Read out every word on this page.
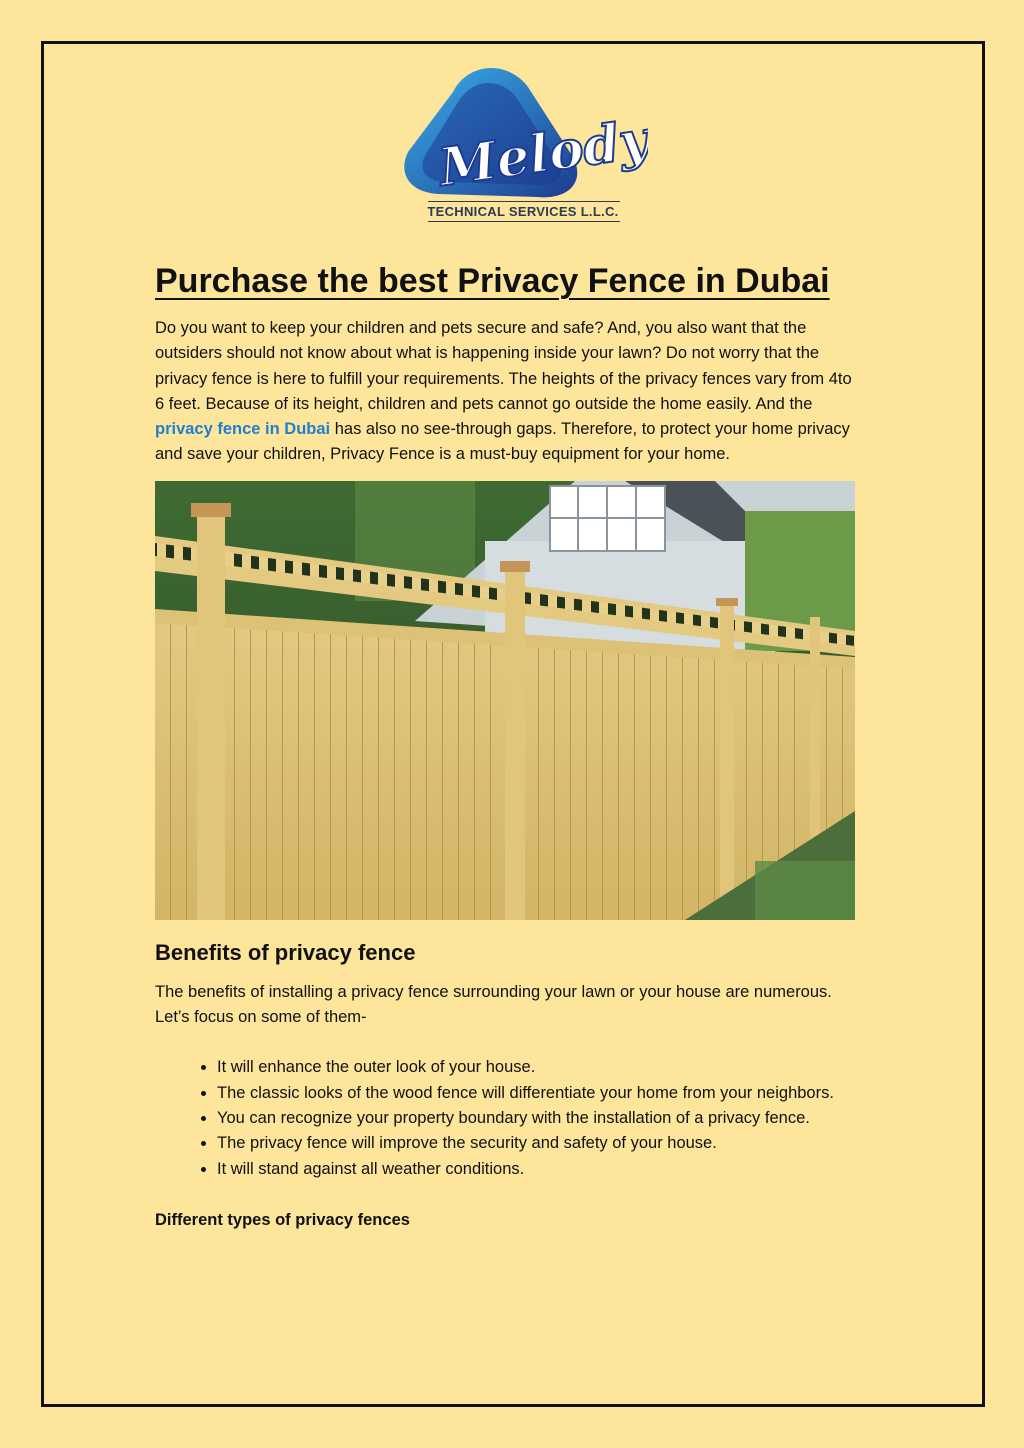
Melody
TECHNICAL SERVICES L.L.C.
Purchase the best Privacy Fence in Dubai

Do you want to keep your children and pets secure and safe? And, you also want that the outsiders should not know about what is happening inside your lawn? Do not worry that the privacy fence is here to fulfill your requirements. The heights of the privacy fences vary from 4to 6 feet. Because of its height, children and pets cannot go outside the home easily. And the privacy fence in Dubai has also no see-through gaps. Therefore, to protect your home privacy and save your children, Privacy Fence is a must-buy equipment for your home.

Benefits of privacy fence

The benefits of installing a privacy fence surrounding your lawn or your house are numerous. Let’s focus on some of them-

• It will enhance the outer look of your house.
• The classic looks of the wood fence will differentiate your home from your neighbors.
• You can recognize your property boundary with the installation of a privacy fence.
• The privacy fence will improve the security and safety of your house.
• It will stand against all weather conditions.
Different types of privacy fences
